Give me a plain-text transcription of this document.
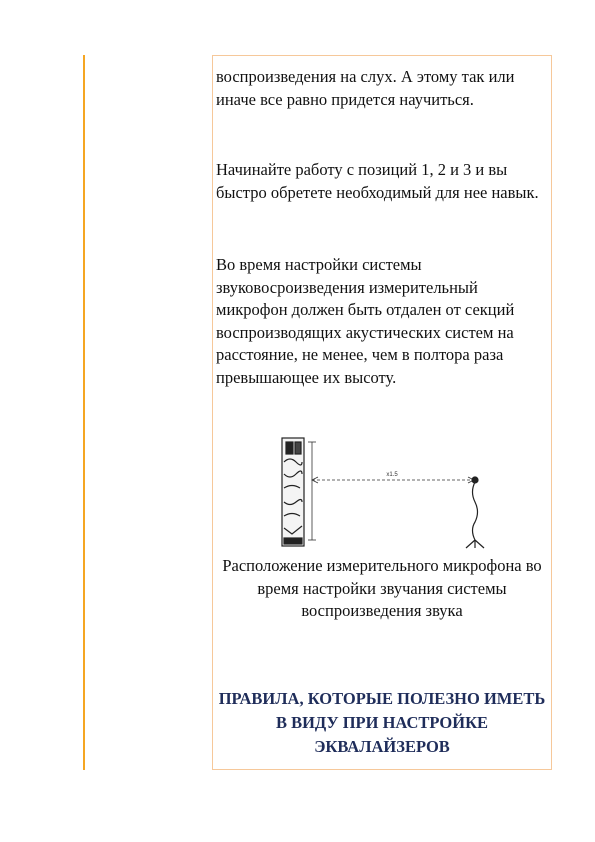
воспроизведения на слух. А этому так или иначе все равно придется научиться.
Начинайте работу с позиций 1, 2 и 3 и вы быстро обретете необходимый для нее навык.
Во время настройки системы звуковосроизведения измерительный микрофон должен быть отдален от секций воспроизводящих акустических систем на расстояние, не менее, чем в полтора раза превышающее их высоту.
x1.5
Расположение измерительного микрофона во время настройки звучания системы воспроизведения звука
ПРАВИЛА, КОТОРЫЕ ПОЛЕЗНО ИМЕТЬ В ВИДУ ПРИ НАСТРОЙКЕ ЭКВАЛАЙЗЕРОВ
